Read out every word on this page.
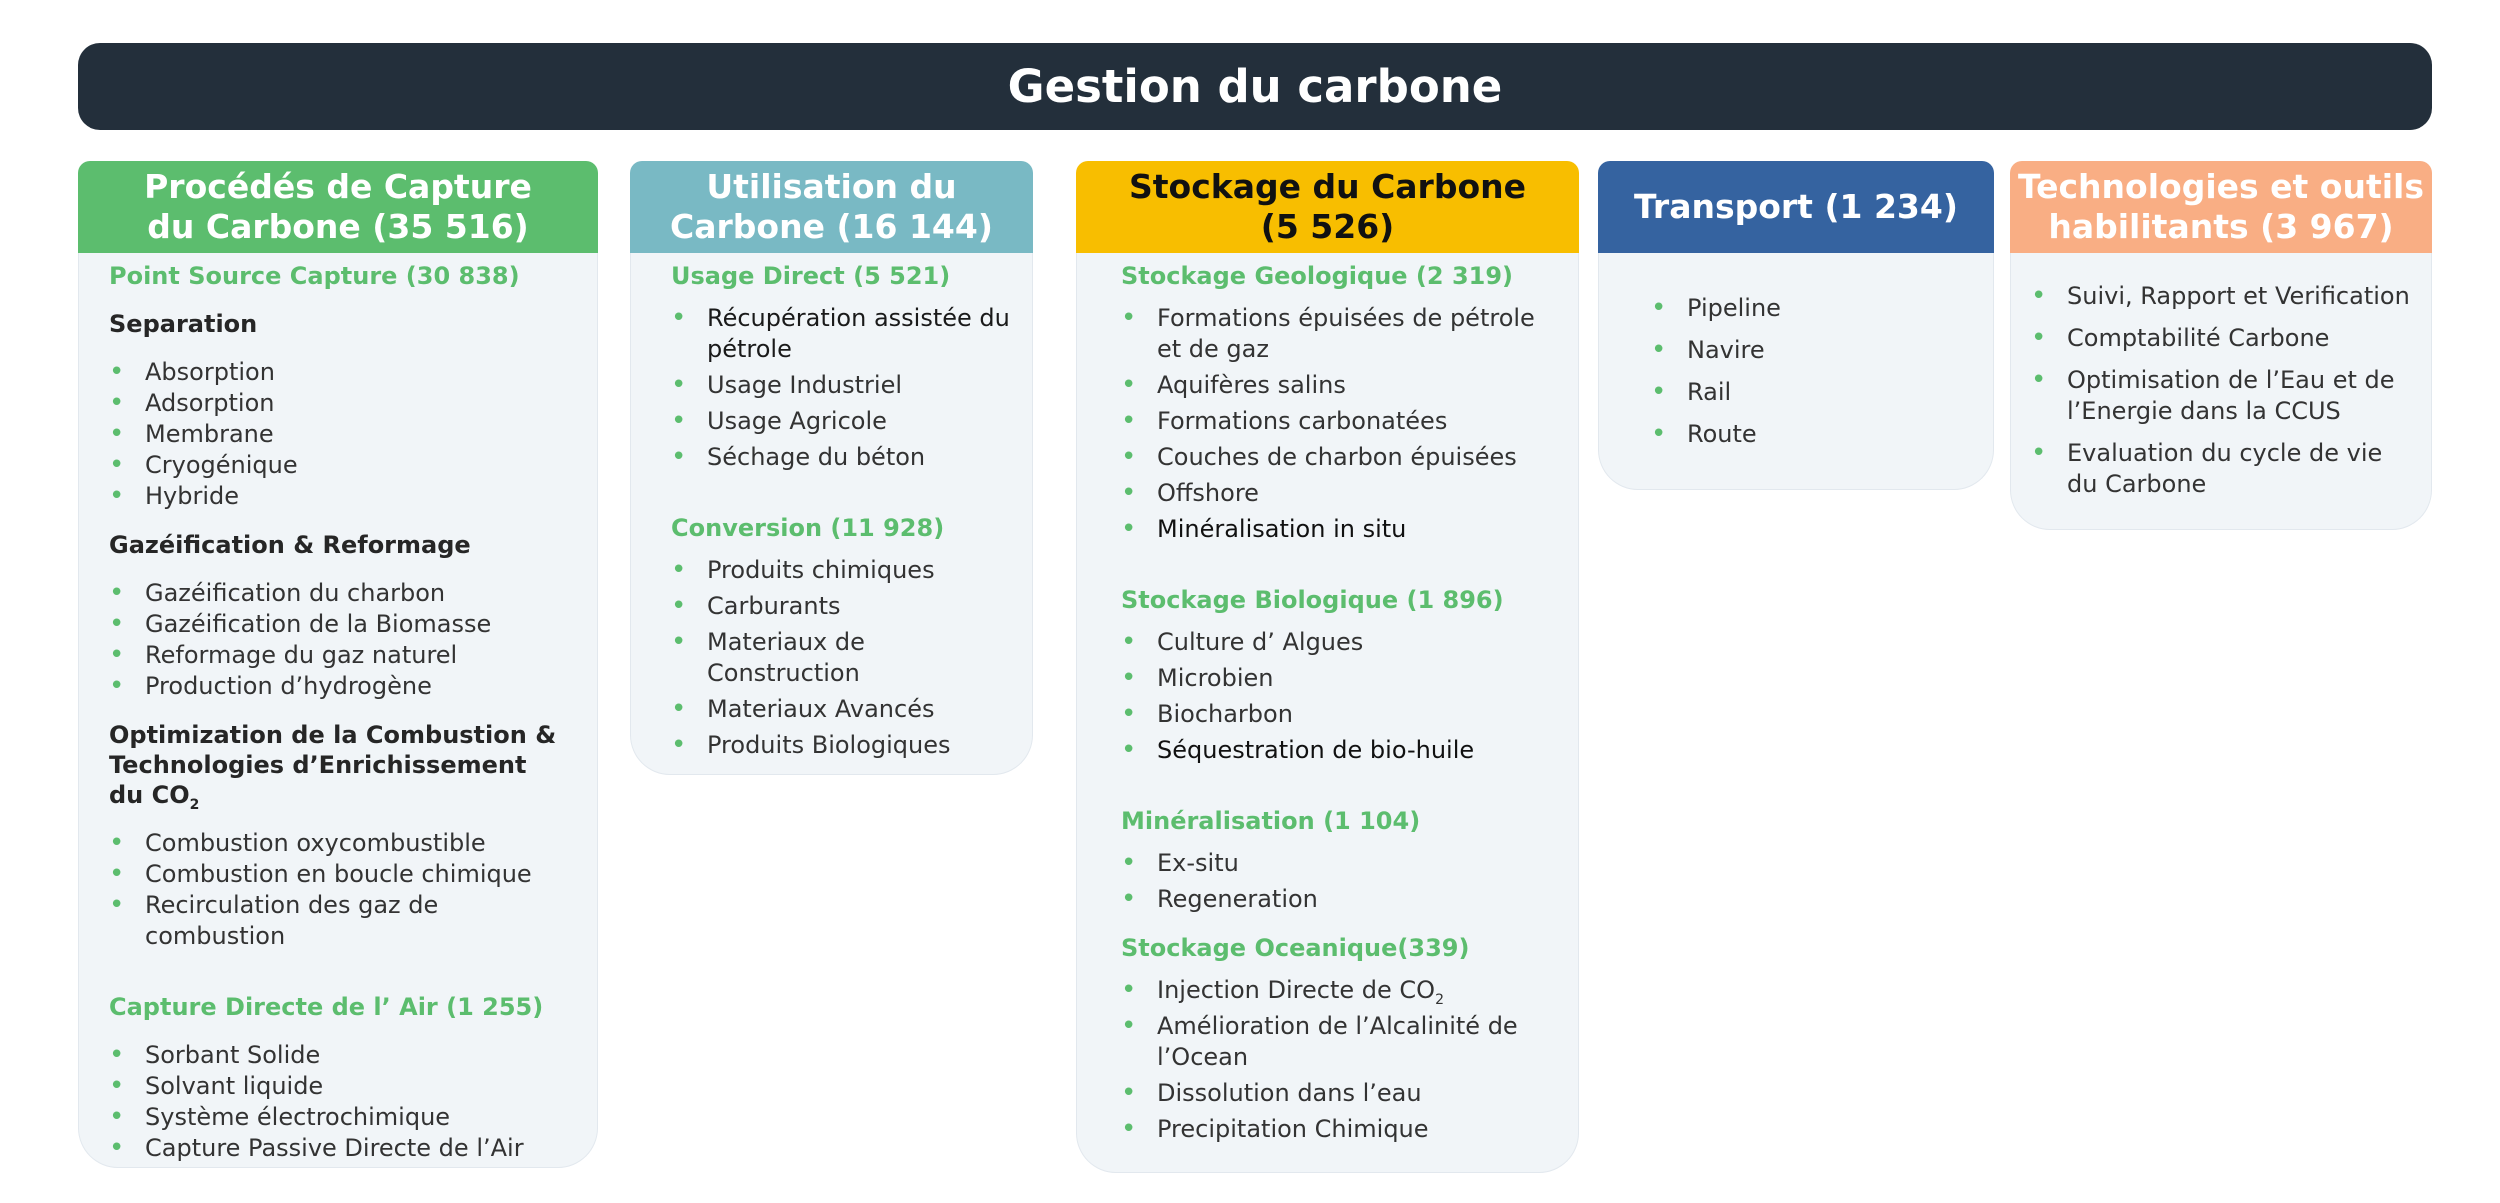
Gestion du carbone
Procédés de Capture
du Carbone (35 516)
Point Source Capture (30 838)
Separation
• Absorption
• Adsorption
• Membrane
• Cryogénique
• Hybride
Gazéification & Reformage
• Gazéification du charbon
• Gazéification de la Biomasse
• Reformage du gaz naturel
• Production d’hydrogène
Optimization de la Combustion &
Technologies d’Enrichissement du $CO_2$
• Combustion oxycombustible
• Combustion en boucle chimique
• Recirculation des gaz de combustion
Capture Directe de l’ Air (1 255)
• Sorbant Solide
• Solvant liquide
• Système électrochimique
• Capture Passive Directe de l’Air
Utilisation du
Carbone (16 144)
Usage Direct (5 521)
• Récupération assistée du pétrole
• Usage Industriel
• Usage Agricole
• Séchage du béton
Conversion (11 928)
• Produits chimiques
• Carburants
• Materiaux de Construction
• Materiaux Avancés
• Produits Biologiques
Stockage du Carbone
(5 526)
Stockage Geologique (2 319)
• Formations épuisées de pétrole et de gaz
• Aquifères salins
• Formations carbonatées
• Couches de charbon épuisées
• Offshore
• Minéralisation in situ
Stockage Biologique (1 896)
• Culture d’ Algues
• Microbien
• Biocharbon
• Séquestration de bio-huile
Minéralisation (1 104)
• Ex-situ
• Regeneration
Stockage Oceanique(339)
• Injection Directe de $CO_2$
• Amélioration de l’Alcalinité de l’Ocean
• Dissolution dans l’eau
• Precipitation Chimique
Transport (1 234)
• Pipeline
• Navire
• Rail
• Route
Technologies et outils
habilitants (3 967)
• Suivi, Rapport et Verification
• Comptabilité Carbone
• Optimisation de l’Eau et de l’Energie dans la CCUS
• Evaluation du cycle de vie du Carbone
